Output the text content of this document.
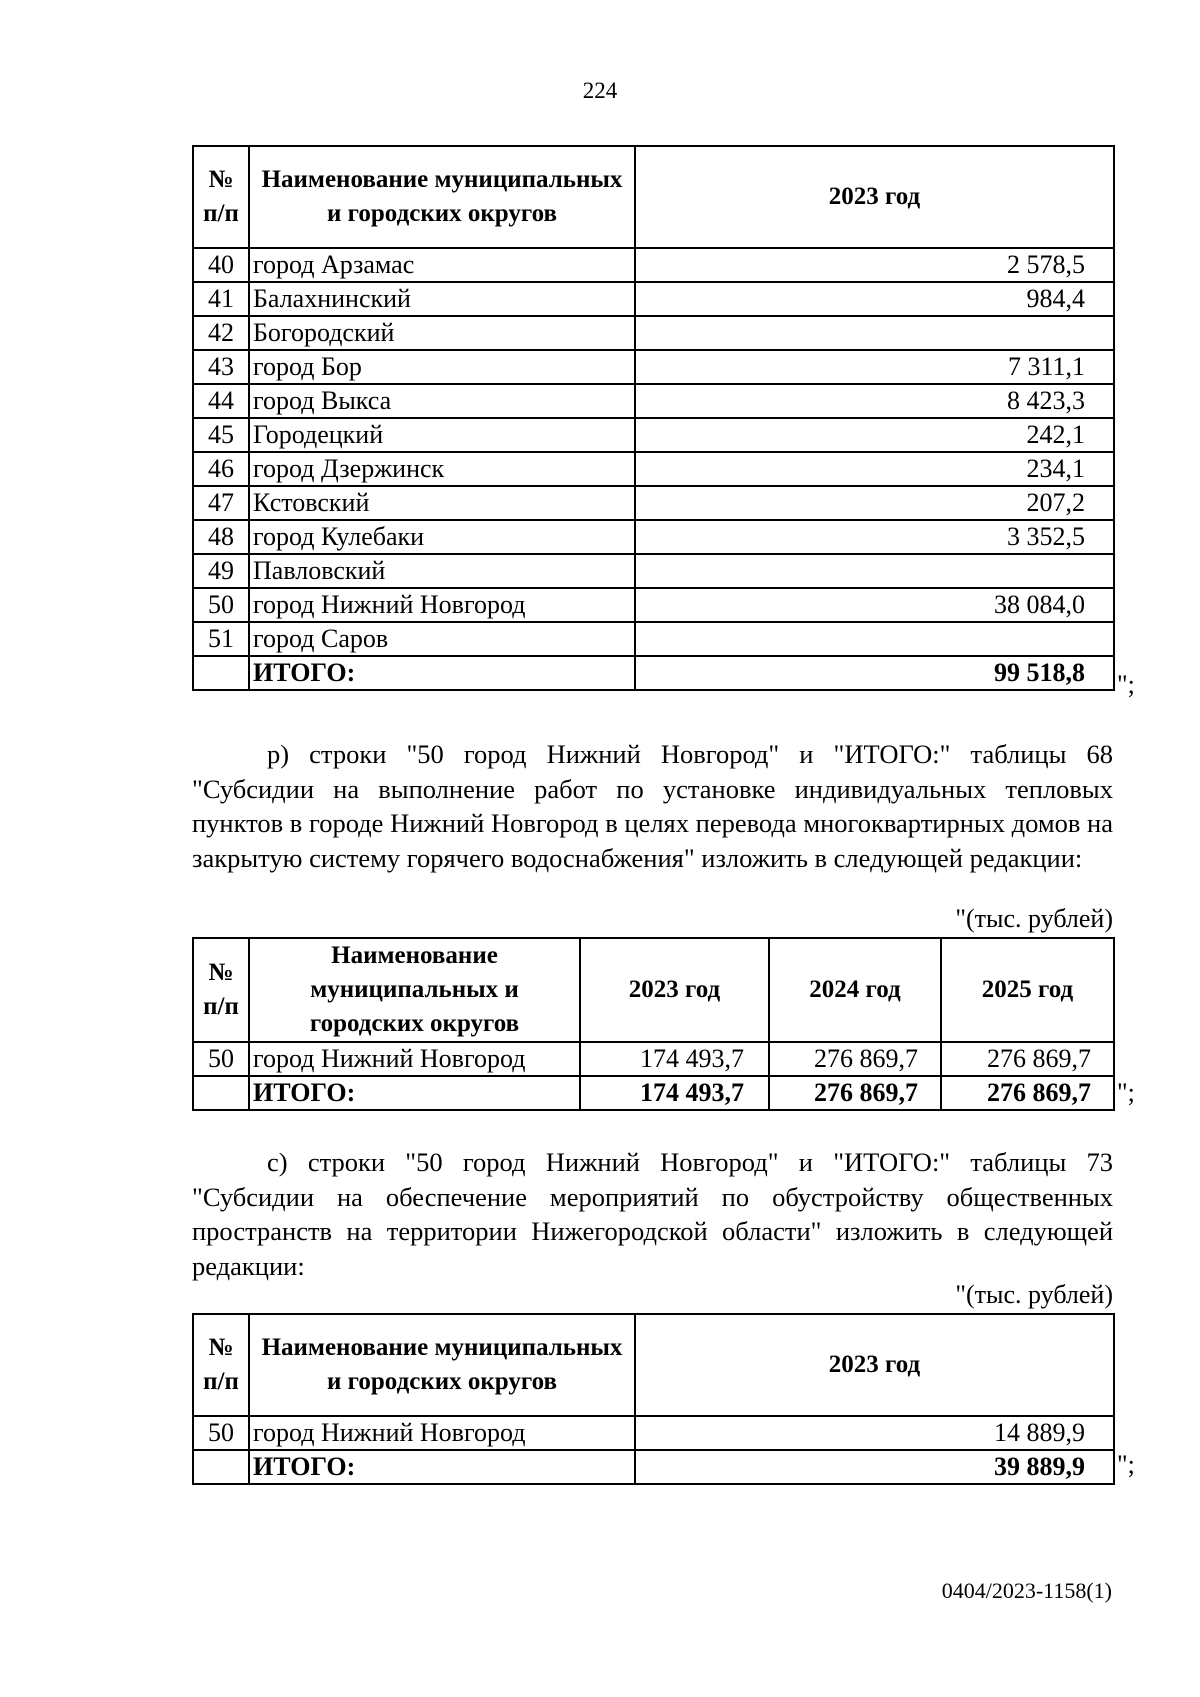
224
№ п/п	Наименование муниципальных и городских округов	2023 год
40	город Арзамас	2 578,5
41	Балахнинский	984,4
42	Богородский	
43	город Бор	7 311,1
44	город Выкса	8 423,3
45	Городецкий	242,1
46	город Дзержинск	234,1
47	Кстовский	207,2
48	город Кулебаки	3 352,5
49	Павловский	
50	город Нижний Новгород	38 084,0
51	город Саров	
	ИТОГО:	99 518,8 ";

р) строки "50 город Нижний Новгород" и "ИТОГО:" таблицы 68 "Субсидии на выполнение работ по установке индивидуальных тепловых пунктов в городе Нижний Новгород в целях перевода многоквартирных домов на закрытую систему горячего водоснабжения" изложить в следующей редакции:

"(тыс. рублей)
№ п/п	Наименование муниципальных и городских округов	2023 год	2024 год	2025 год
50	город Нижний Новгород	174 493,7	276 869,7	276 869,7
	ИТОГО:	174 493,7	276 869,7	276 869,7 ";

с) строки "50 город Нижний Новгород" и "ИТОГО:" таблицы 73 "Субсидии на обеспечение мероприятий по обустройству общественных пространств на территории Нижегородской области" изложить в следующей редакции:

"(тыс. рублей)
№ п/п	Наименование муниципальных и городских округов	2023 год
50	город Нижний Новгород	14 889,9
	ИТОГО:	39 889,9 ";
0404/2023-1158(1)
